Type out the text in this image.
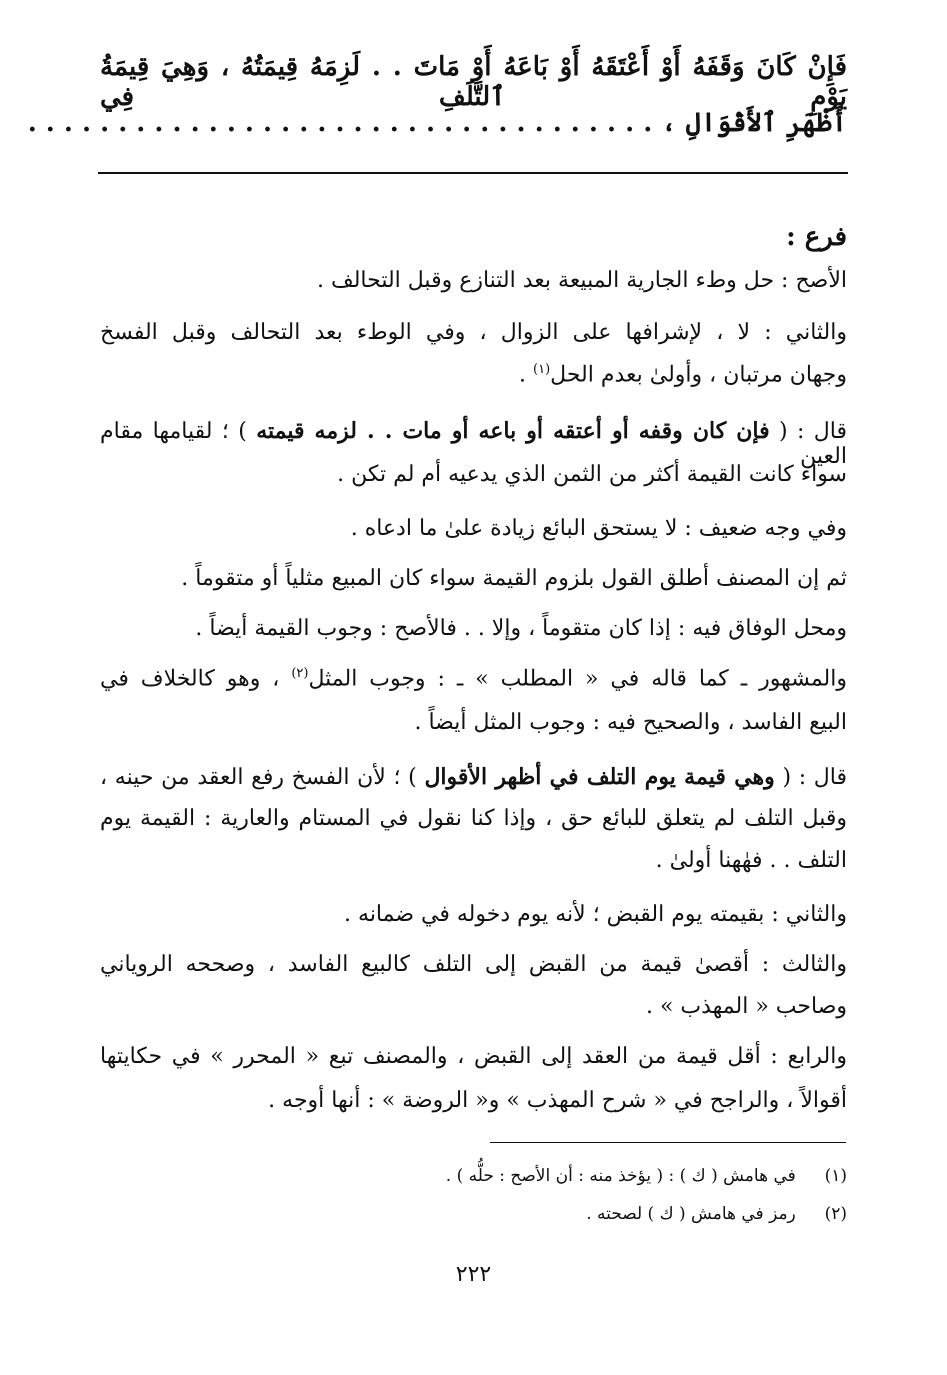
فَإِنْ كَانَ وَقَفَهُ أَوْ أَعْتَقَهُ أَوْ بَاعَهُ أَوْ مَاتَ . . لَزِمَهُ قِيمَتُهُ ، وَهِيَ قِيمَةُ يَوْمِ ٱلتَّلَفِ فِي
أَظْهَرِ ٱلأَقْوَالِ ، . . . . . . . . . . . . . . . . . . . . . . . . . . . . . . . . . . .
فرع :
الأصح : حل وطء الجارية المبيعة بعد التنازع وقبل التحالف .
والثاني : لا ، لإشرافها على الزوال ، وفي الوطء بعد التحالف وقبل الفسخ
وجهان مرتبان ، وأولىٰ بعدم الحل$^{(١)}$ .
قال : ( فإن كان وقفه أو أعتقه أو باعه أو مات . . لزمه قيمته ) ؛ لقيامها مقام العين
سواء كانت القيمة أكثر من الثمن الذي يدعيه أم لم تكن .
وفي وجه ضعيف : لا يستحق البائع زيادة علىٰ ما ادعاه .
ثم إن المصنف أطلق القول بلزوم القيمة سواء كان المبيع مثلياً أو متقوماً .
ومحل الوفاق فيه : إذا كان متقوماً ، وإلا . . فالأصح : وجوب القيمة أيضاً .
والمشهور ـ كما قاله في « المطلب » ـ : وجوب المثل$^{(٢)}$ ، وهو كالخلاف في
البيع الفاسد ، والصحيح فيه : وجوب المثل أيضاً .
قال : ( وهي قيمة يوم التلف في أظهر الأقوال ) ؛ لأن الفسخ رفع العقد من حينه ،
وقبل التلف لم يتعلق للبائع حق ، وإذا كنا نقول في المستام والعارية : القيمة يوم
التلف . . فهٰهنا أولىٰ .
والثاني : بقيمته يوم القبض ؛ لأنه يوم دخوله في ضمانه .
والثالث : أقصىٰ قيمة من القبض إلى التلف كالبيع الفاسد ، وصححه الروياني
وصاحب « المهذب » .
والرابع : أقل قيمة من العقد إلى القبض ، والمصنف تبع « المحرر » في حكايتها
أقوالاً ، والراجح في « شرح المهذب » و« الروضة » : أنها أوجه .
(١)  في هامش ( ك ) : ( يؤخذ منه : أن الأصح : حلُّه ) .
(٢)  رمز في هامش ( ك ) لصحته .
٢٢٢
